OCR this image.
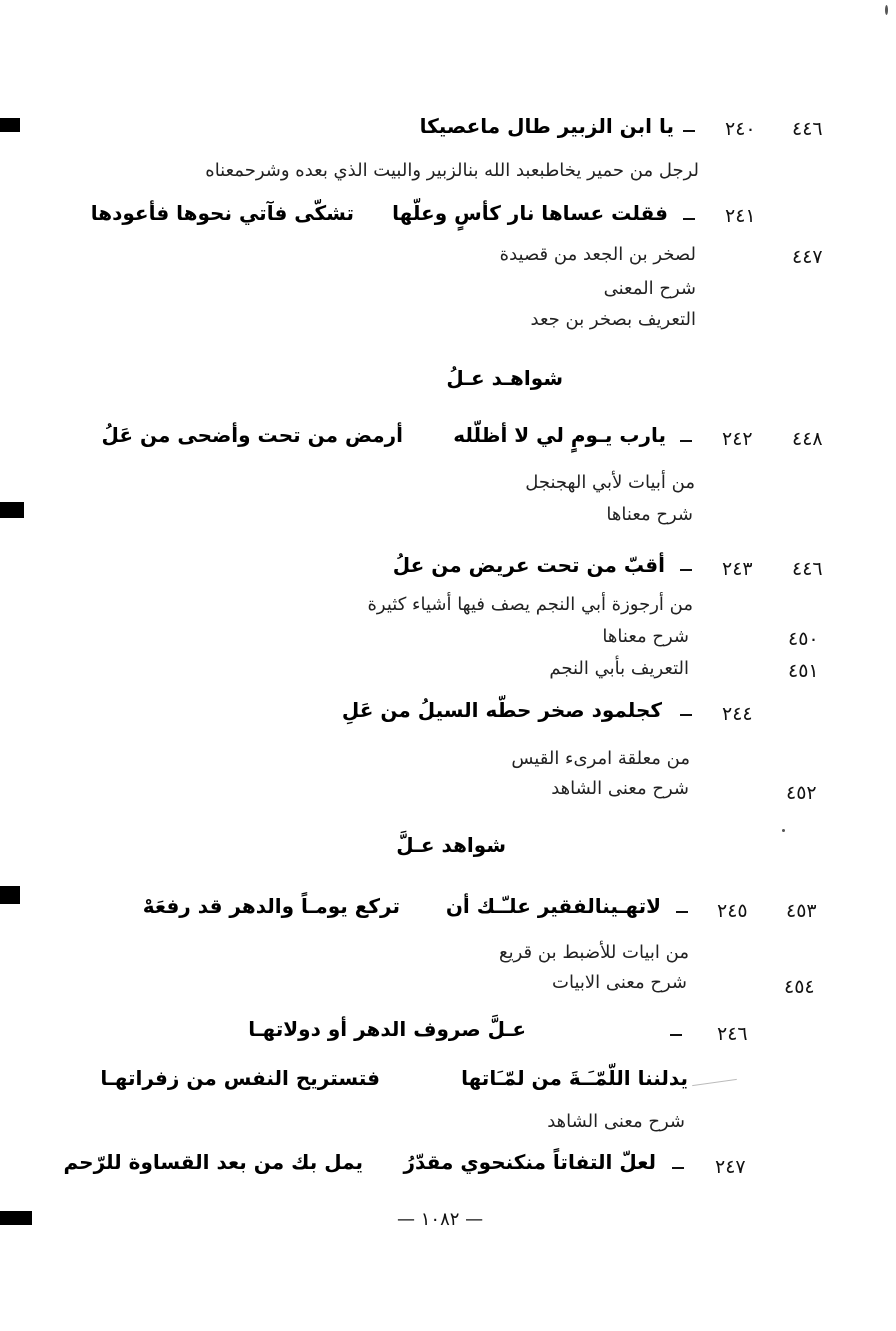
٤٤٦
٢٤٠
يا ابن الزبير طال ماعصيكا
لرجل من حمير يخاطبعبد الله بنالزبير والبيت الذي بعده وشرحمعناه
٢٤١
فقلت عساها نار كأسٍ وعلّها
تشكّى فآتي نحوها فأعودها
٤٤٧
لصخر بن الجعد من قصيدة
شرح المعنى
التعريف بصخر بن جعد
شواهـد عـلُ
٤٤٨
٢٤٢
يارب يـومٍ لي لا أظلّله
أرمض من تحت وأضحى من عَلُ
من أبيات لأبي الهجنجل
شرح معناها
٤٤٦
٢٤٣
أقبّ من تحت عريض من علُ
من أرجوزة أبي النجم يصف فيها أشياء كثيرة
٤٥٠
شرح معناها
٤٥١
التعريف بأبي النجم
٢٤٤
كجلمود صخر حطّه السيلُ من عَلِ
من معلقة امرىء القيس
٤٥٢
شرح معنى الشاهد
شواهد عـلَّ
٤٥٣
٢٤٥
لاتهـينالفقير علـّـك أن
تركع يومـاً والدهر قد رفعَهْ
من ابيات للأضبط بن قريع
٤٥٤
شرح معنى الابيات
٢٤٦
عـلَّ صروف الدهر أو دولاتهـا
يدلننا اللّمّـَـةَ من لمّـَاتها
فتستريح النفس من زفراتهـا
شرح معنى الشاهد
٢٤٧
لعلّ التفاتاً منكنحوي مقدّرُ
يمل بك من بعد القساوة للرّحم
— ١٠٨٢ —
